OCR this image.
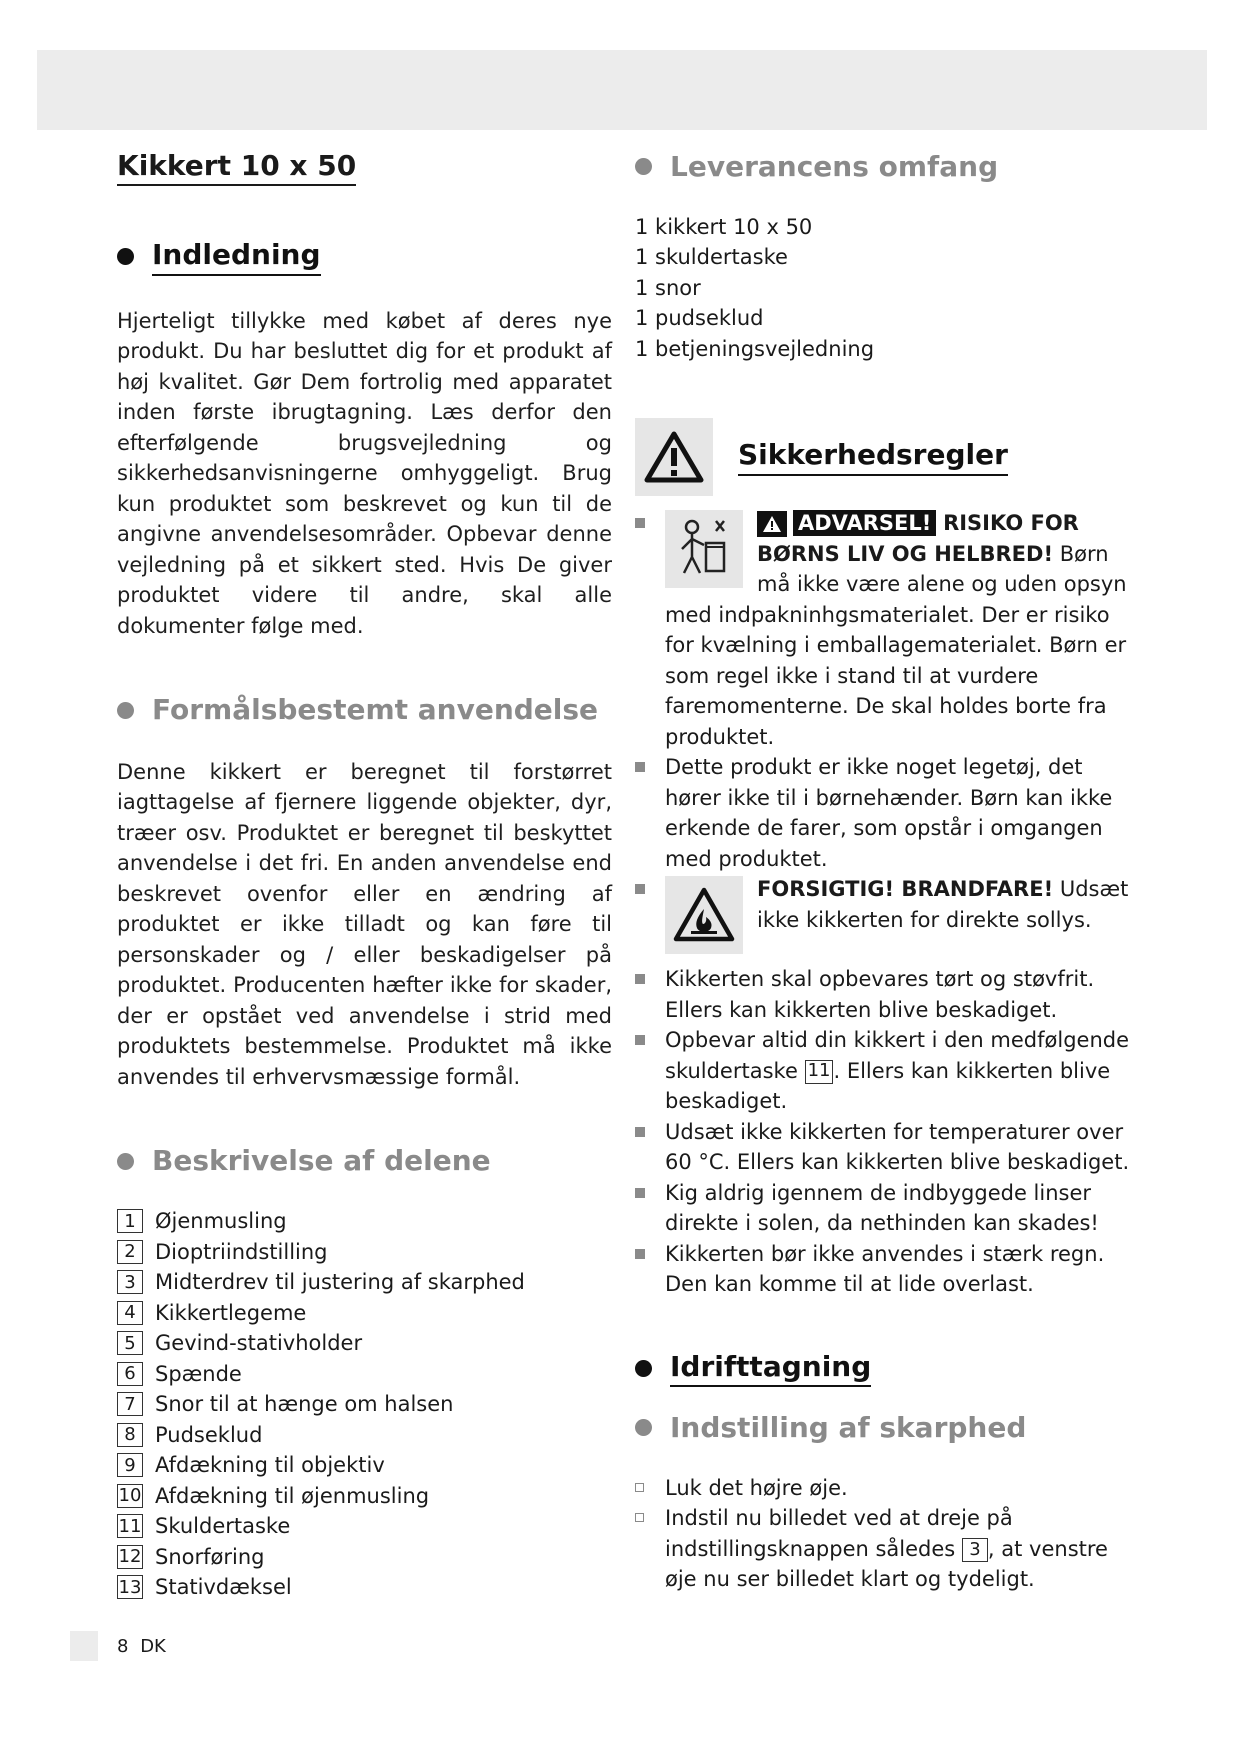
Kikkert 10 x 50
Indledning

Hjerteligt tillykke med købet af deres nye produkt. Du har besluttet dig for et produkt af høj kvalitet. Gør Dem fortrolig med apparatet inden første ibrugtagning. Læs derfor den efterfølgende brugsvejledning og sikkerhedsanvisningerne omhyggeligt. Brug kun produktet som beskrevet og kun til de angivne anvendelsesområder. Opbevar denne vejledning på et sikkert sted. Hvis De giver produktet videre til andre, skal alle dokumenter følge med.

Formålsbestemt anvendelse

Denne kikkert er beregnet til forstørret iagttagelse af fjernere liggende objekter, dyr, træer osv. Produktet er beregnet til beskyttet anvendelse i det fri. En anden anvendelse end beskrevet ovenfor eller en ændring af produktet er ikke tilladt og kan føre til personskader og / eller beskadigelser på produktet. Producenten hæfter ikke for skader, der er opstået ved anvendelse i strid med produktets bestemmelse. Produktet må ikke anvendes til erhvervsmæssige formål.

Beskrivelse af delene
1 Øjenmusling
2 Dioptriindstilling
3 Midterdrev til justering af skarphed
4 Kikkertlegeme
5 Gevind-stativholder
6 Spænde
7 Snor til at hænge om halsen
8 Pudseklud
9 Afdækning til objektiv
10 Afdækning til øjenmusling
11 Skuldertaske
12 Snorføring
13 Stativdæksel
Leverancens omfang
1 kikkert 10 x 50
1 skuldertaske
1 snor
1 pudseklud
1 betjeningsvejledning
Sikkerhedsregler
ADVARSEL! RISIKO FOR BØRNS LIV OG HELBRED! Børn må ikke være alene og uden opsyn med indpakninhgsmaterialet. Der er risiko for kvælning i emballagematerialet. Børn er som regel ikke i stand til at vurdere faremomenterne. De skal holdes borte fra produktet.
Dette produkt er ikke noget legetøj, det hører ikke til i børnehænder. Børn kan ikke erkende de farer, som opstår i omgangen med produktet.
FORSIGTIG! BRANDFARE! Udsæt ikke kikkerten for direkte sollys.
Kikkerten skal opbevares tørt og støvfrit. Ellers kan kikkerten blive beskadiget.
Opbevar altid din kikkert i den medfølgende skuldertaske 11 . Ellers kan kikkerten blive beskadiget.
Udsæt ikke kikkerten for temperaturer over 60 °C. Ellers kan kikkerten blive beskadiget.
Kig aldrig igennem de indbyggede linser direkte i solen, da nethinden kan skades!
Kikkerten bør ikke anvendes i stærk regn. Den kan komme til at lide overlast.
Idrifttagning
Indstilling af skarphed
Luk det højre øje.
Indstil nu billedet ved at dreje på indstillingsknappen således 3 , at venstre øje nu ser billedet klart og tydeligt.
8 DK
